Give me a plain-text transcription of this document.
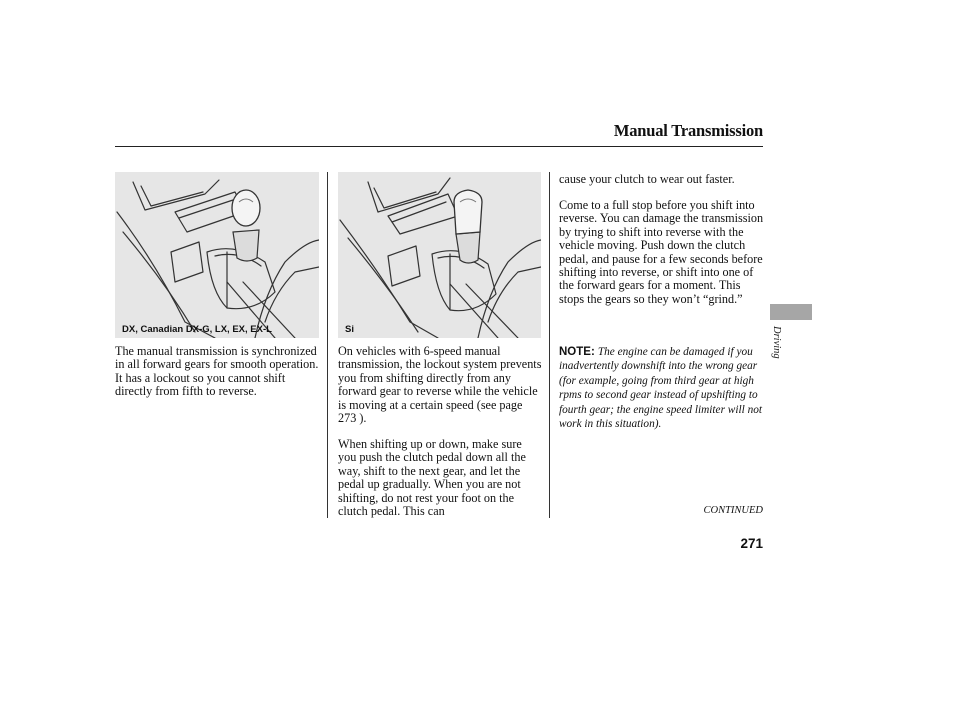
Manual Transmission
DX, Canadian DX-G, LX, EX, EX-L	Si

The manual transmission is synchronized in all forward gears for smooth operation. It has a lockout so you cannot shift directly from fifth to reverse.

On vehicles with 6-speed manual transmission, the lockout system prevents you from shifting directly from any forward gear to reverse while the vehicle is moving at a certain speed (see page 273 ).

When shifting up or down, make sure you push the clutch pedal down all the way, shift to the next gear, and let the pedal up gradually. When you are not shifting, do not rest your foot on the clutch pedal. This can

cause your clutch to wear out faster.

Come to a full stop before you shift into reverse. You can damage the transmission by trying to shift into reverse with the vehicle moving. Push down the clutch pedal, and pause for a few seconds before shifting into reverse, or shift into one of the forward gears for a moment. This stops the gears so they won’t “grind.”

NOTE: The engine can be damaged if you inadvertently downshift into the wrong gear (for example, going from third gear at high rpms to second gear instead of upshifting to fourth gear; the engine speed limiter will not work in this situation).

CONTINUED
271
Driving
